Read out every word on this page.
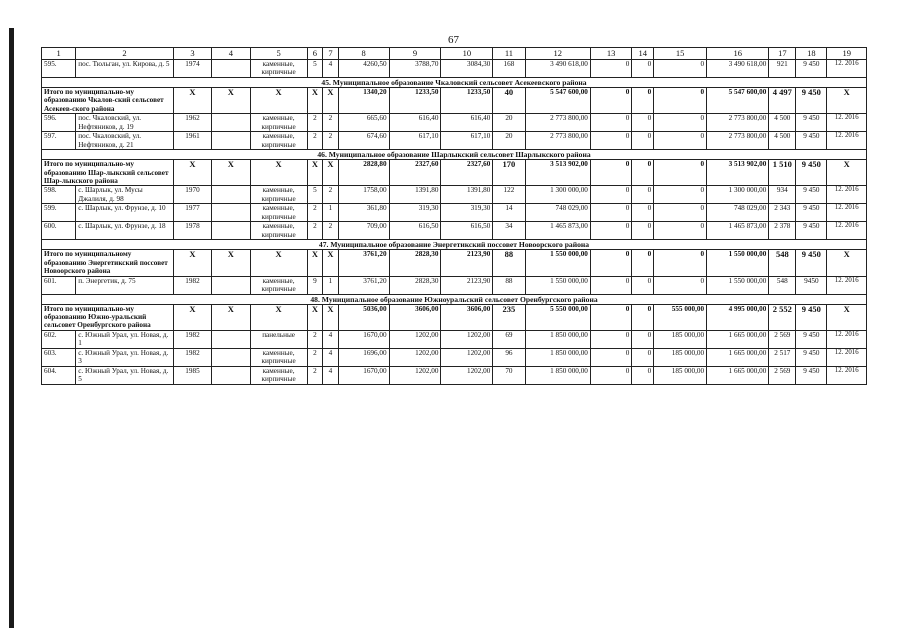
67
1	2	3	4	5	6	7	8	9	10	11	12	13	14	15	16	17	18	19
595.	пос. Тюльган, ул. Кирова, д. 5	1974		каменные, кирпичные	5	4	4260,50	3788,70	3084,30	168	3 490 618,00	0	0	0	3 490 618,00	921	9 450	12. 2016
45. Муниципальное образование Чкаловский сельсовет Асекеевского района																		
Итого по муниципально-му образованию Чкалов-ский сельсовет Асекеев-ского района		X	X	X	X	X	1340,20	1233,50	1233,50	40	5 547 600,00	0	0	0	5 547 600,00	4 497	9 450	X
596.	пос. Чкаловский, ул. Нефтяников, д. 19	1962		каменные, кирпичные	2	2	665,60	616,40	616,40	20	2 773 800,00	0	0	0	2 773 800,00	4 500	9 450	12. 2016
597.	пос. Чкаловский, ул. Нефтяников, д. 21	1961		каменные, кирпичные	2	2	674,60	617,10	617,10	20	2 773 800,00	0	0	0	2 773 800,00	4 500	9 450	12. 2016
46. Муниципальное образование Шарлыкский сельсовет Шарлыкского района																		
Итого по муниципально-му образованию Шар-лыкский сельсовет Шар-лыкского района		X	X	X	X	X	2828,80	2327,60	2327,60	170	3 513 902,00	0	0	0	3 513 902,00	1 510	9 450	X
598.	с. Шарлык, ул. Мусы Джалиля, д. 98	1970		каменные, кирпичные	5	2	1758,00	1391,80	1391,80	122	1 300 000,00	0	0	0	1 300 000,00	934	9 450	12. 2016
599.	с. Шарлык, ул. Фрунзе, д. 10	1977		каменные, кирпичные	2	1	361,80	319,30	319,30	14	748 029,00	0	0	0	748 029,00	2 343	9 450	12. 2016
600.	с. Шарлык, ул. Фрунзе, д. 18	1978		каменные, кирпичные	2	2	709,00	616,50	616,50	34	1 465 873,00	0	0	0	1 465 873,00	2 378	9 450	12. 2016
47. Муниципальное образование Энергетикский поссовет Новоорского района																		
Итого по муниципальному образованию Энергетикский поссовет Новоорского района		X	X	X	X	X	3761,20	2828,30	2123,90	88	1 550 000,00	0	0	0	1 550 000,00	548	9 450	X
601.	п. Энергетик, д. 75	1982		каменные, кирпичные	9	1	3761,20	2828,30	2123,90	88	1 550 000,00	0	0	0	1 550 000,00	548	9450	12. 2016
48. Муниципальное образование Южноуральский сельсовет Оренбургского района																		
Итого по муниципально-му образованию Южно-уральский сельсовет Оренбургского района		X	X	X	X	X	5036,00	3606,00	3606,00	235	5 550 000,00	0	0	555 000,00	4 995 000,00	2 552	9 450	X
602.	с. Южный Урал, ул. Новая, д. 1	1982		панельные	2	4	1670,00	1202,00	1202,00	69	1 850 000,00	0	0	185 000,00	1 665 000,00	2 569	9 450	12. 2016
603.	с. Южный Урал, ул. Новая, д. 3	1982		каменные, кирпичные	2	4	1696,00	1202,00	1202,00	96	1 850 000,00	0	0	185 000,00	1 665 000,00	2 517	9 450	12. 2016
604.	с. Южный Урал, ул. Новая, д. 5	1985		каменные, кирпичные	2	4	1670,00	1202,00	1202,00	70	1 850 000,00	0	0	185 000,00	1 665 000,00	2 569	9 450	12. 2016
